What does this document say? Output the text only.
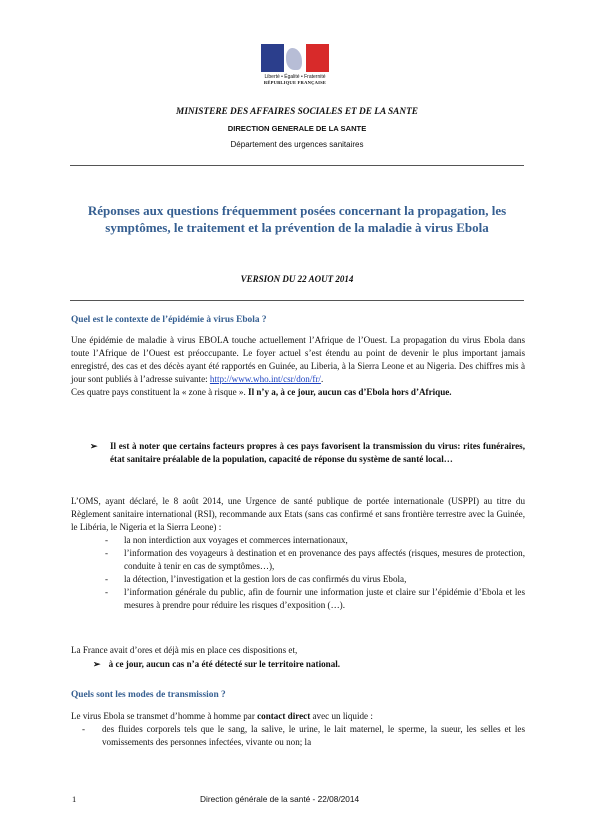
Liberté • Égalité • Fraternité
RÉPUBLIQUE FRANÇAISE
MINISTERE DES AFFAIRES SOCIALES ET DE LA SANTE
DIRECTION GENERALE DE LA SANTE
Département des urgences sanitaires
Réponses aux questions fréquemment posées concernant la propagation, les symptômes, le traitement et la prévention de la maladie à virus Ebola
VERSION DU 22 AOUT 2014
Quel est le contexte de l’épidémie à virus Ebola ?
Une épidémie de maladie à virus EBOLA touche actuellement l’Afrique de l’Ouest. La propagation du virus Ebola dans toute l’Afrique de l’Ouest est préoccupante. Le foyer actuel s’est étendu au point de devenir le plus important jamais enregistré, des cas et des décès ayant été rapportés en Guinée, au Liberia, à la Sierra Leone et au Nigeria. Des chiffres mis à jour sont publiés à l’adresse suivante: http://www.who.int/csr/don/fr/.
Ces quatre pays constituent la « zone à risque ». Il n’y a, à ce jour, aucun cas d’Ebola hors d’Afrique.
➢ Il est à noter que certains facteurs propres à ces pays favorisent la transmission du virus: rites funéraires, état sanitaire préalable de la population, capacité de réponse du système de santé local…
L’OMS, ayant déclaré, le 8 août 2014, une Urgence de santé publique de portée internationale (USPPI) au titre du Règlement sanitaire international (RSI), recommande aux Etats (sans cas confirmé et sans frontière terrestre avec la Guinée, le Libéria, le Nigeria et la Sierra Leone) :
- la non interdiction aux voyages et commerces internationaux,
- l’information des voyageurs à destination et en provenance des pays affectés (risques, mesures de protection, conduite à tenir en cas de symptômes…),
- la détection, l’investigation et la gestion lors de cas confirmés du virus Ebola,
- l’information générale du public, afin de fournir une information juste et claire sur l’épidémie d’Ebola et les mesures à prendre pour réduire les risques d’exposition (…).
La France avait d’ores et déjà mis en place ces dispositions et,
➢ à ce jour, aucun cas n’a été détecté sur le territoire national.
Quels sont les modes de transmission ?
Le virus Ebola se transmet d’homme à homme par contact direct avec un liquide :
- des fluides corporels tels que le sang, la salive, le urine, le lait maternel, le sperme, la sueur, les selles et les vomissements des personnes infectées, vivante ou non; la
1	Direction générale de la santé - 22/08/2014
